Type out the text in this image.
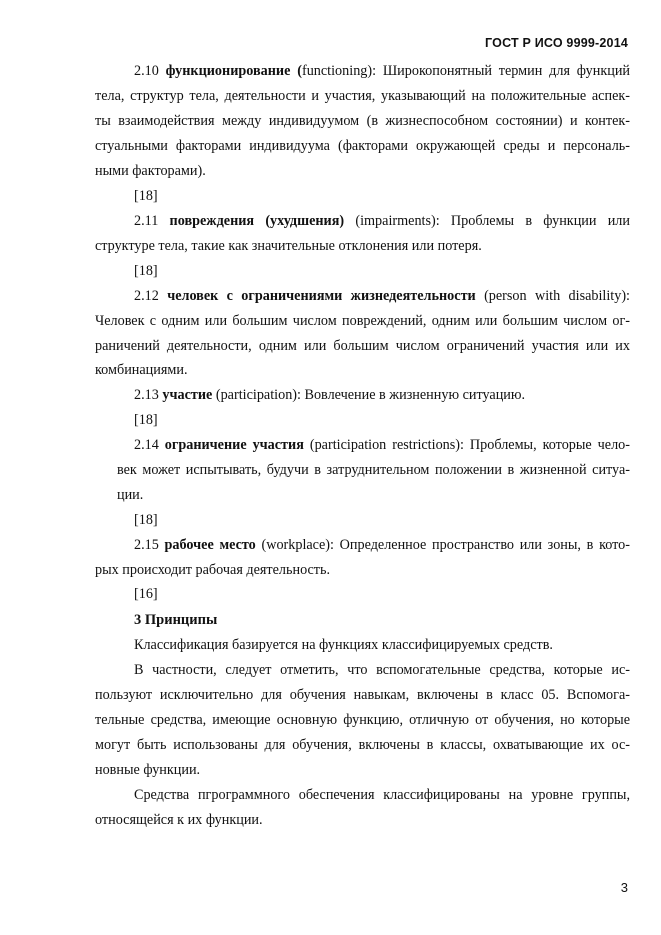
ГОСТ Р ИСО 9999-2014
2.10 функционирование (functioning): Широкопонятный термин для функций
тела, структур тела, деятельности и участия, указывающий на положительные аспек-
ты взаимодействия между индивидуумом (в жизнеспособном состоянии) и контек-
стуальными факторами индивидуума (факторами окружающей среды и персональ-
ными факторами).
[18]
2.11 повреждения (ухудшения) (impairments): Проблемы в функции или
структуре тела, такие как значительные отклонения или потеря.
[18]
2.12 человек с ограничениями жизнедеятельности (person with disability):
Человек с одним или большим числом повреждений, одним или большим числом ог-
раничений деятельности, одним или большим числом ограничений участия или их
комбинациями.
2.13 участие (participation): Вовлечение в жизненную ситуацию.
[18]
2.14 ограничение участия (participation restrictions): Проблемы, которые чело-
век может испытывать, будучи в затруднительном положении в жизненной ситуа-
ции.
[18]
2.15 рабочее место (workplace): Определенное пространство или зоны, в кото-
рых происходит рабочая деятельность.
[16]
3 Принципы
Классификация базируется на функциях классифицируемых средств.
В частности, следует отметить, что вспомогательные средства, которые ис-
пользуют исключительно для обучения навыкам, включены в класс 05. Вспомога-
тельные средства, имеющие основную функцию, отличную от обучения, но которые
могут быть использованы для обучения, включены в классы, охватывающие их ос-
новные функции.
Средства пгрограммного обеспечения классифицированы на уровне группы,
относящейся к их функции.
3
